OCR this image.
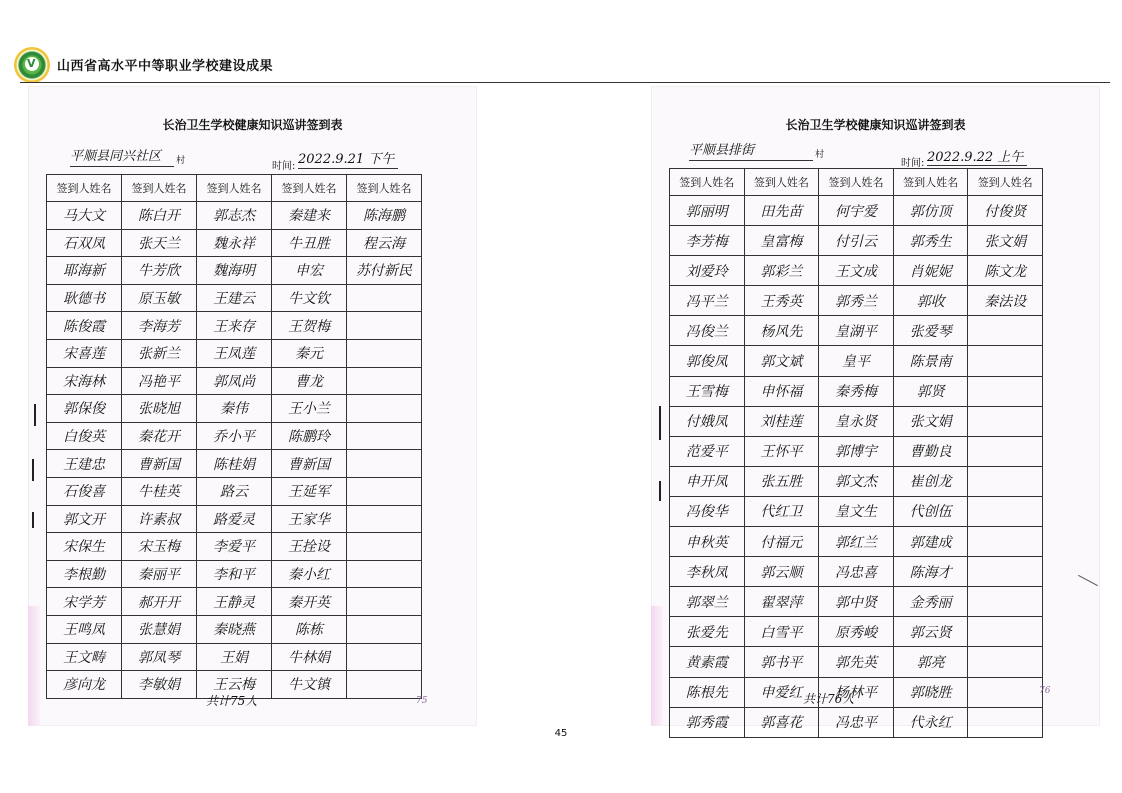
V 山西省高水平中等职业学校建设成果
长治卫生学校健康知识巡讲签到表
平顺县同兴社区 村	时间: 2022.9.21 下午
签到人姓名	签到人姓名	签到人姓名	签到人姓名	签到人姓名
马大文	陈白开	郭志杰	秦建来	陈海鹏
石双凤	张天兰	魏永祥	牛丑胜	程云海
耶海新	牛芳欣	魏海明	申宏	苏付新民
耿德书	原玉敏	王建云	牛文钦	
陈俊霞	李海芳	王来存	王贺梅	
宋喜莲	张新兰	王凤莲	秦元	
宋海林	冯艳平	郭凤尚	曹龙	
郭保俊	张晓旭	秦伟	王小兰	
白俊英	秦花开	乔小平	陈鹏玲	
王建忠	曹新国	陈桂娟	曹新国	
石俊喜	牛桂英	路云	王延军	
郭文开	许素叔	路爱灵	王家华	
宋保生	宋玉梅	李爱平	王拴设	
李根勤	秦丽平	李和平	秦小红	
宋学芳	郝开开	王静灵	秦开英	
王鸣凤	张慧娟	秦晓燕	陈栋	
王文畴	郭凤琴	王娟	牛林娟	
彦向龙	李敏娟	王云梅	牛文镇	
共计75人	75
长治卫生学校健康知识巡讲签到表
平顺县排街	村
时间: 2022.9.22 上午
签到人姓名	签到人姓名	签到人姓名	签到人姓名	签到人姓名
郭丽明	田先苗	何宇爱	郭仿顶	付俊贤
李芳梅	皇富梅	付引云	郭秀生	张文娟
刘爱玲	郭彩兰	王文成	肖妮妮	陈文龙
冯平兰	王秀英	郭秀兰	郭收	秦法设
冯俊兰	杨风先	皇湖平	张爱琴	
郭俊凤	郭文斌	皇平	陈景南	
王雪梅	申怀福	秦秀梅	郭贤	
付娥凤	刘桂莲	皇永贤	张文娟	
范爱平	王怀平	郭博宇	曹勤良	
申开凤	张五胜	郭文杰	崔创龙	
冯俊华	代红卫	皇文生	代创伍	
申秋英	付福元	郭红兰	郭建成	
李秋凤	郭云顺	冯忠喜	陈海才	
郭翠兰	翟翠萍	郭中贤	金秀丽	
张爱先	白雪平	原秀峻	郭云贤	
黄素霞	郭书平	郭先英	郭亮	
陈根先	申爱红	杨林平	郭晓胜	
郭秀霞	郭喜花	冯忠平	代永红	
共计76人
76
45
